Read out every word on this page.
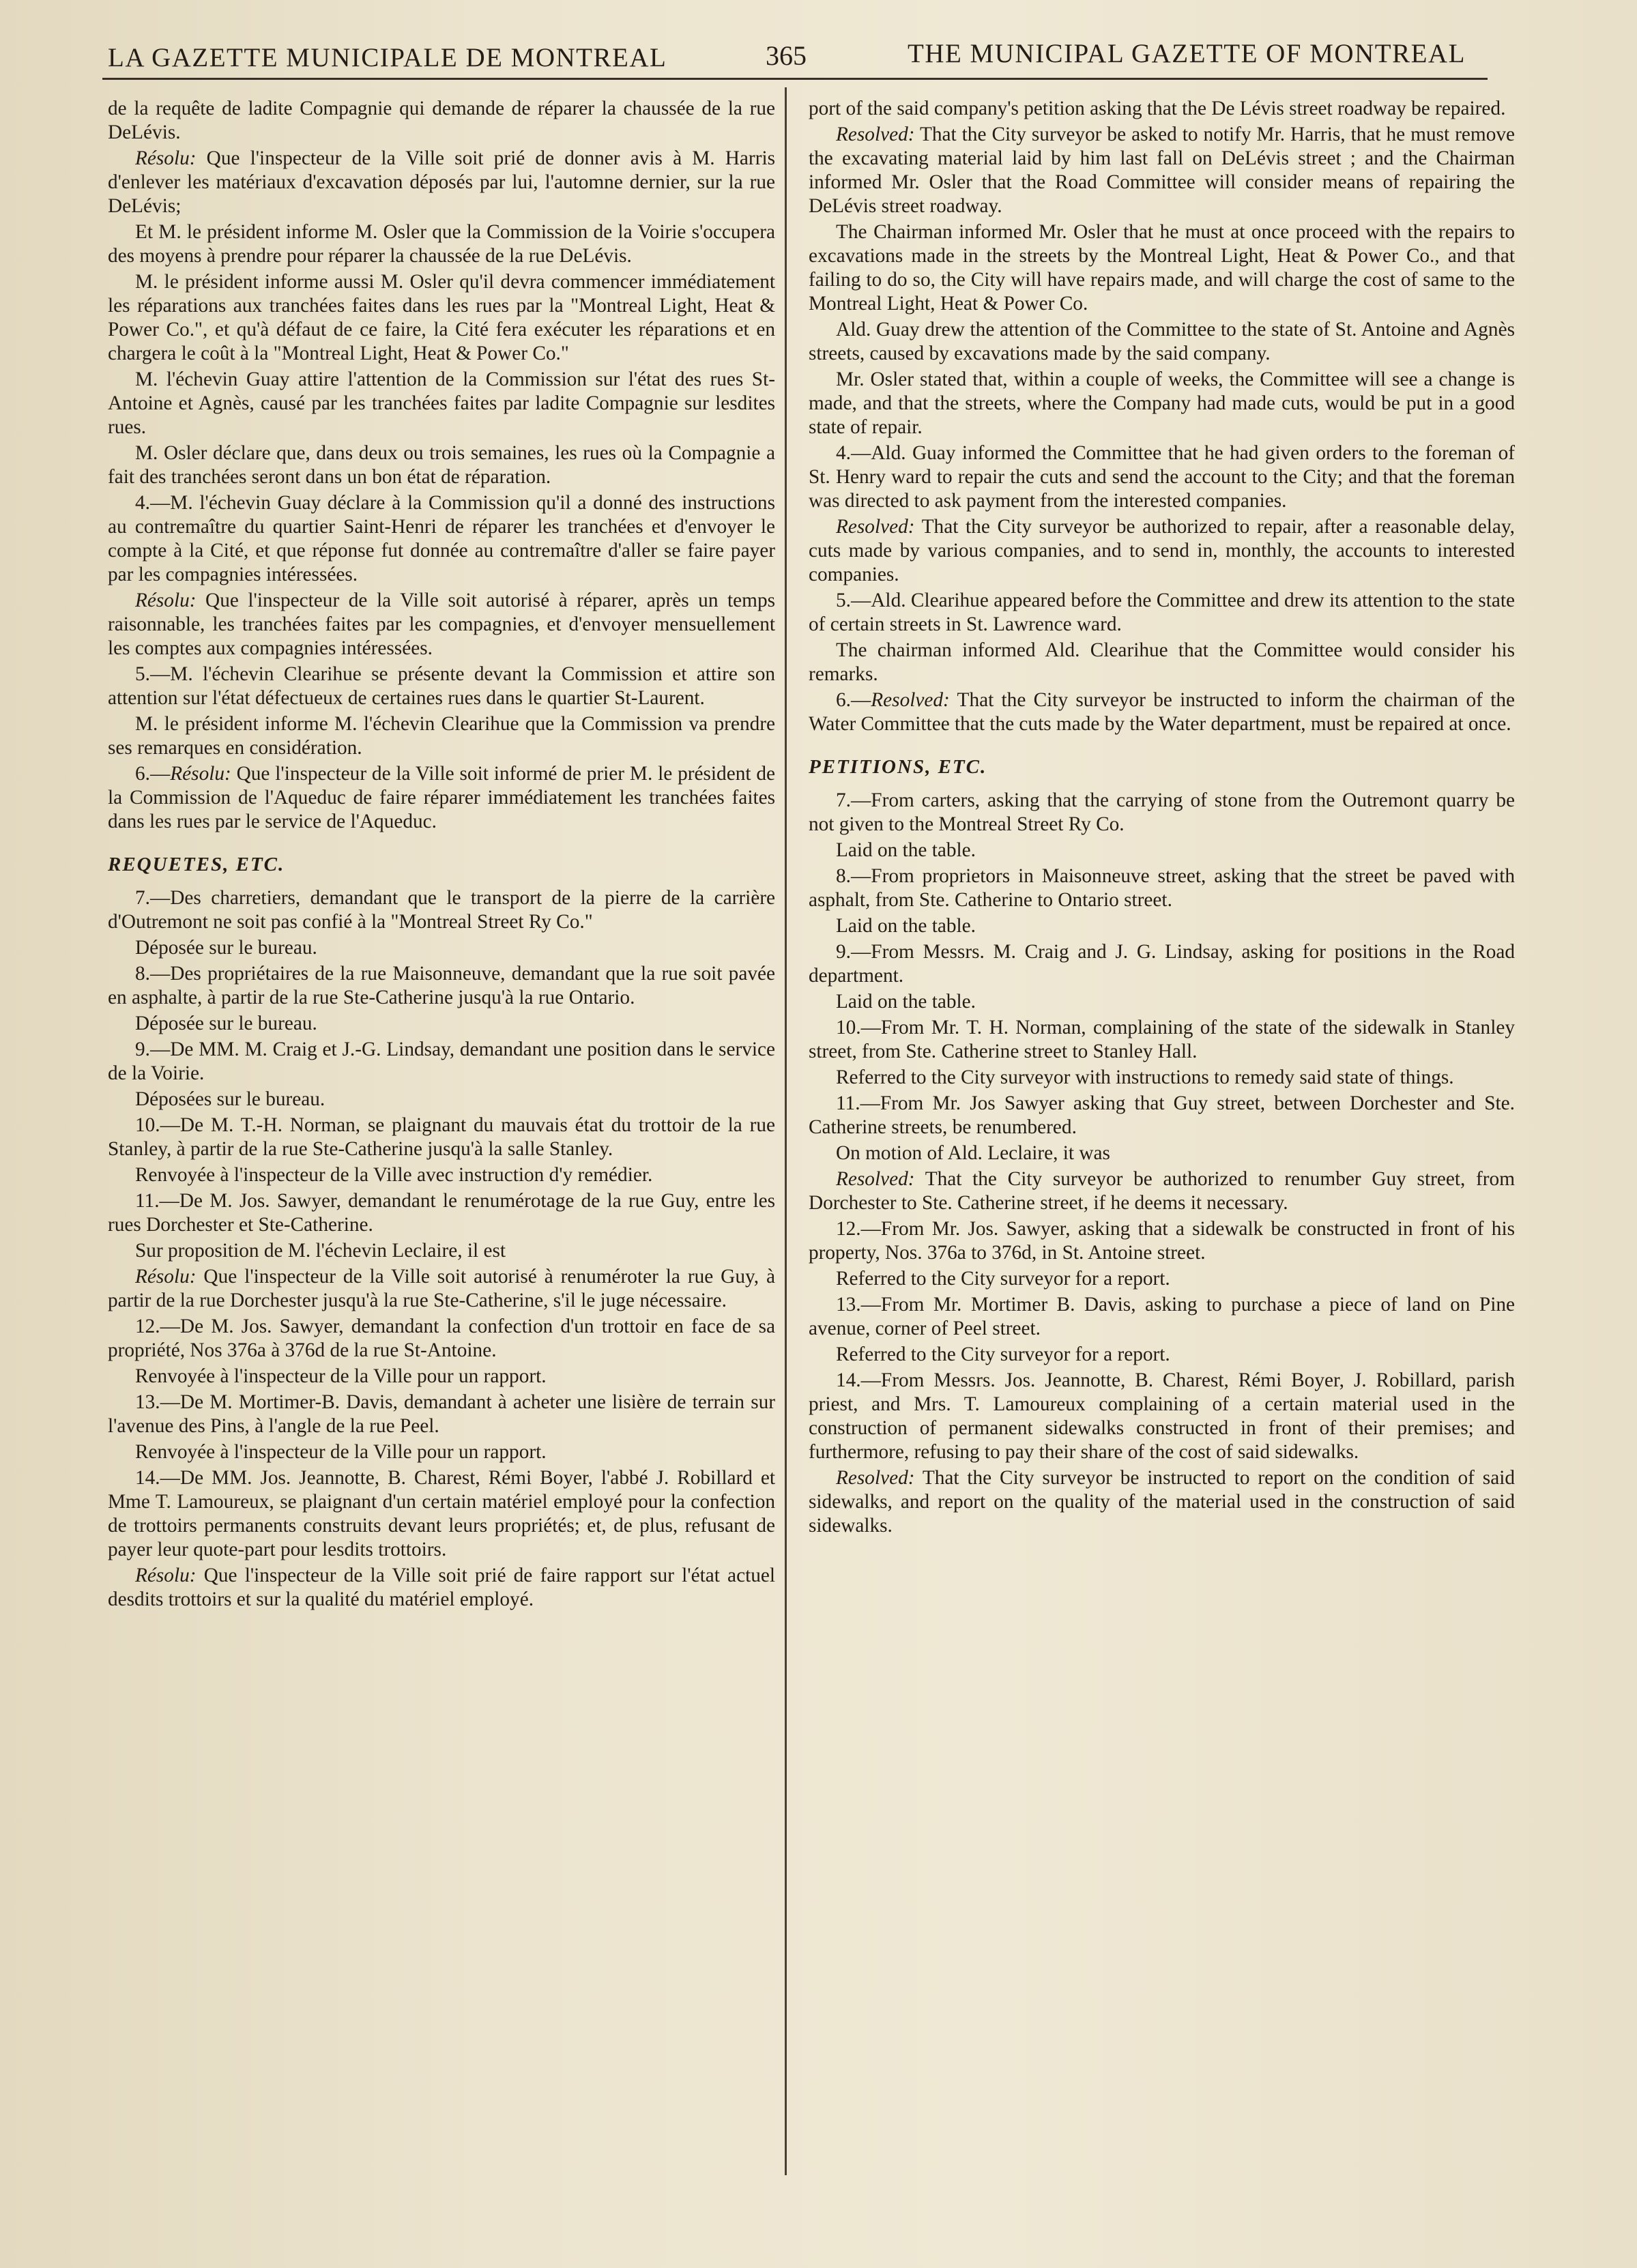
LA GAZETTE MUNICIPALE DE MONTREAL	365	THE MUNICIPAL GAZETTE OF MONTREAL

de la requête de ladite Compagnie qui demande de réparer la chaussée de la rue DeLévis.

Résolu: Que l'inspecteur de la Ville soit prié de donner avis à M. Harris d'enlever les matériaux d'excavation déposés par lui, l'automne dernier, sur la rue DeLévis;

Et M. le président informe M. Osler que la Commission de la Voirie s'occupera des moyens à prendre pour réparer la chaussée de la rue DeLévis.

M. le président informe aussi M. Osler qu'il devra commencer immédiatement les réparations aux tranchées faites dans les rues par la "Montreal Light, Heat & Power Co.", et qu'à défaut de ce faire, la Cité fera exécuter les réparations et en chargera le coût à la "Montreal Light, Heat & Power Co."

M. l'échevin Guay attire l'attention de la Commission sur l'état des rues St-Antoine et Agnès, causé par les tranchées faites par ladite Compagnie sur lesdites rues.

M. Osler déclare que, dans deux ou trois semaines, les rues où la Compagnie a fait des tranchées seront dans un bon état de réparation.

4.—M. l'échevin Guay déclare à la Commission qu'il a donné des instructions au contremaître du quartier Saint-Henri de réparer les tranchées et d'envoyer le compte à la Cité, et que réponse fut donnée au contremaître d'aller se faire payer par les compagnies intéressées.

Résolu: Que l'inspecteur de la Ville soit autorisé à réparer, après un temps raisonnable, les tranchées faites par les compagnies, et d'envoyer mensuellement les comptes aux compagnies intéressées.

5.—M. l'échevin Clearihue se présente devant la Commission et attire son attention sur l'état défectueux de certaines rues dans le quartier St-Laurent.

M. le président informe M. l'échevin Clearihue que la Commission va prendre ses remarques en considération.

6.—Résolu: Que l'inspecteur de la Ville soit informé de prier M. le président de la Commission de l'Aqueduc de faire réparer immédiatement les tranchées faites dans les rues par le service de l'Aqueduc.

REQUETES, ETC.

7.—Des charretiers, demandant que le transport de la pierre de la carrière d'Outremont ne soit pas confié à la "Montreal Street Ry Co."

Déposée sur le bureau.

8.—Des propriétaires de la rue Maisonneuve, demandant que la rue soit pavée en asphalte, à partir de la rue Ste-Catherine jusqu'à la rue Ontario.

Déposée sur le bureau.

9.—De MM. M. Craig et J.-G. Lindsay, demandant une position dans le service de la Voirie.

Déposées sur le bureau.

10.—De M. T.-H. Norman, se plaignant du mauvais état du trottoir de la rue Stanley, à partir de la rue Ste-Catherine jusqu'à la salle Stanley.

Renvoyée à l'inspecteur de la Ville avec instruction d'y remédier.

11.—De M. Jos. Sawyer, demandant le renumérotage de la rue Guy, entre les rues Dorchester et Ste-Catherine.

Sur proposition de M. l'échevin Leclaire, il est

Résolu: Que l'inspecteur de la Ville soit autorisé à renuméroter la rue Guy, à partir de la rue Dorchester jusqu'à la rue Ste-Catherine, s'il le juge nécessaire.

12.—De M. Jos. Sawyer, demandant la confection d'un trottoir en face de sa propriété, Nos 376a à 376d de la rue St-Antoine.

Renvoyée à l'inspecteur de la Ville pour un rapport.

13.—De M. Mortimer-B. Davis, demandant à acheter une lisière de terrain sur l'avenue des Pins, à l'angle de la rue Peel.

Renvoyée à l'inspecteur de la Ville pour un rapport.

14.—De MM. Jos. Jeannotte, B. Charest, Rémi Boyer, l'abbé J. Robillard et Mme T. Lamoureux, se plaignant d'un certain matériel employé pour la confection de trottoirs permanents construits devant leurs propriétés; et, de plus, refusant de payer leur quote-part pour lesdits trottoirs.

Résolu: Que l'inspecteur de la Ville soit prié de faire rapport sur l'état actuel desdits trottoirs et sur la qualité du matériel employé.

port of the said company's petition asking that the De Lévis street roadway be repaired.

Resolved: That the City surveyor be asked to notify Mr. Harris, that he must remove the excavating material laid by him last fall on DeLévis street ; and the Chairman informed Mr. Osler that the Road Committee will consider means of repairing the DeLévis street roadway.

The Chairman informed Mr. Osler that he must at once proceed with the repairs to excavations made in the streets by the Montreal Light, Heat & Power Co., and that failing to do so, the City will have repairs made, and will charge the cost of same to the Montreal Light, Heat & Power Co.

Ald. Guay drew the attention of the Committee to the state of St. Antoine and Agnès streets, caused by excavations made by the said company.

Mr. Osler stated that, within a couple of weeks, the Committee will see a change is made, and that the streets, where the Company had made cuts, would be put in a good state of repair.

4.—Ald. Guay informed the Committee that he had given orders to the foreman of St. Henry ward to repair the cuts and send the account to the City; and that the foreman was directed to ask payment from the interested companies.

Resolved: That the City surveyor be authorized to repair, after a reasonable delay, cuts made by various companies, and to send in, monthly, the accounts to interested companies.

5.—Ald. Clearihue appeared before the Committee and drew its attention to the state of certain streets in St. Lawrence ward.

The chairman informed Ald. Clearihue that the Committee would consider his remarks.

6.—Resolved: That the City surveyor be instructed to inform the chairman of the Water Committee that the cuts made by the Water department, must be repaired at once.

PETITIONS, ETC.

7.—From carters, asking that the carrying of stone from the Outremont quarry be not given to the Montreal Street Ry Co.

Laid on the table.

8.—From proprietors in Maisonneuve street, asking that the street be paved with asphalt, from Ste. Catherine to Ontario street.

Laid on the table.

9.—From Messrs. M. Craig and J. G. Lindsay, asking for positions in the Road department.

Laid on the table.

10.—From Mr. T. H. Norman, complaining of the state of the sidewalk in Stanley street, from Ste. Catherine street to Stanley Hall.

Referred to the City surveyor with instructions to remedy said state of things.

11.—From Mr. Jos Sawyer asking that Guy street, between Dorchester and Ste. Catherine streets, be renumbered.

On motion of Ald. Leclaire, it was

Resolved: That the City surveyor be authorized to renumber Guy street, from Dorchester to Ste. Catherine street, if he deems it necessary.

12.—From Mr. Jos. Sawyer, asking that a sidewalk be constructed in front of his property, Nos. 376a to 376d, in St. Antoine street.

Referred to the City surveyor for a report.

13.—From Mr. Mortimer B. Davis, asking to purchase a piece of land on Pine avenue, corner of Peel street.

Referred to the City surveyor for a report.

14.—From Messrs. Jos. Jeannotte, B. Charest, Rémi Boyer, J. Robillard, parish priest, and Mrs. T. Lamoureux complaining of a certain material used in the construction of permanent sidewalks constructed in front of their premises; and furthermore, refusing to pay their share of the cost of said sidewalks.

Resolved: That the City surveyor be instructed to report on the condition of said sidewalks, and report on the quality of the material used in the construction of said sidewalks.
